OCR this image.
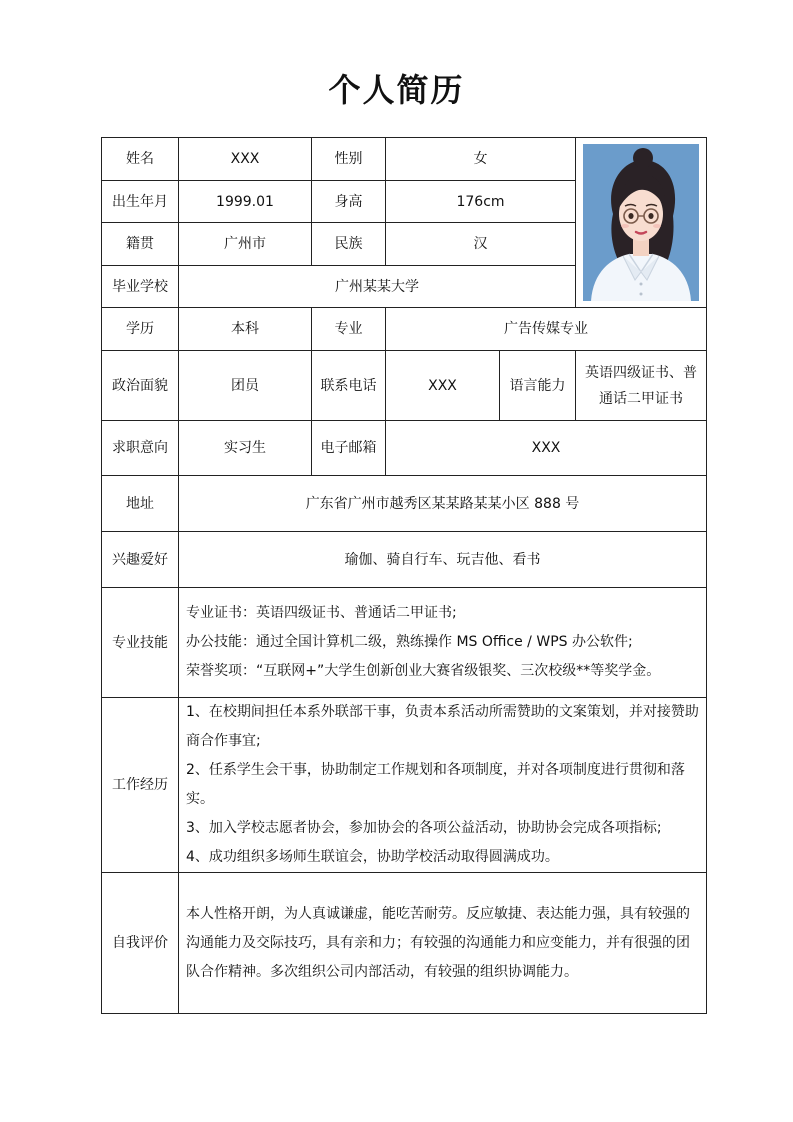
个人简历
姓名	XXX	性别	女	

出生年月	1999.01	身高	176cm		
籍贯	广州市	民族	汉		
毕业学校	广州某某大学				
学历	本科	专业	广告传媒专业		
政治面貌	团员	联系电话	XXX	语言能力	英语四级证书、普通话二甲证书
求职意向	实习生	电子邮箱	XXX		
地址	广东省广州市越秀区某某路某某小区 888 号				
兴趣爱好	瑜伽、骑自行车、玩吉他、看书				
专业技能	专业证书：英语四级证书、普通话二甲证书;
办公技能：通过全国计算机二级，熟练操作 MS Office / WPS 办公软件;
荣誉奖项：“互联网+”大学生创新创业大赛省级银奖、三次校级**等奖学金。				

工作经历	1、在校期间担任本系外联部干事，负责本系活动所需赞助的文案策划，并对接赞助商合作事宜;
2、任系学生会干事，协助制定工作规划和各项制度，并对各项制度进行贯彻和落实。
3、加入学校志愿者协会，参加协会的各项公益活动，协助协会完成各项指标;
4、成功组织多场师生联谊会，协助学校活动取得圆满成功。				

自我评价	本人性格开朗，为人真诚谦虚，能吃苦耐劳。反应敏捷、表达能力强，具有较强的沟通能力及交际技巧，具有亲和力；有较强的沟通能力和应变能力，并有很强的团队合作精神。多次组织公司内部活动，有较强的组织协调能力。				
